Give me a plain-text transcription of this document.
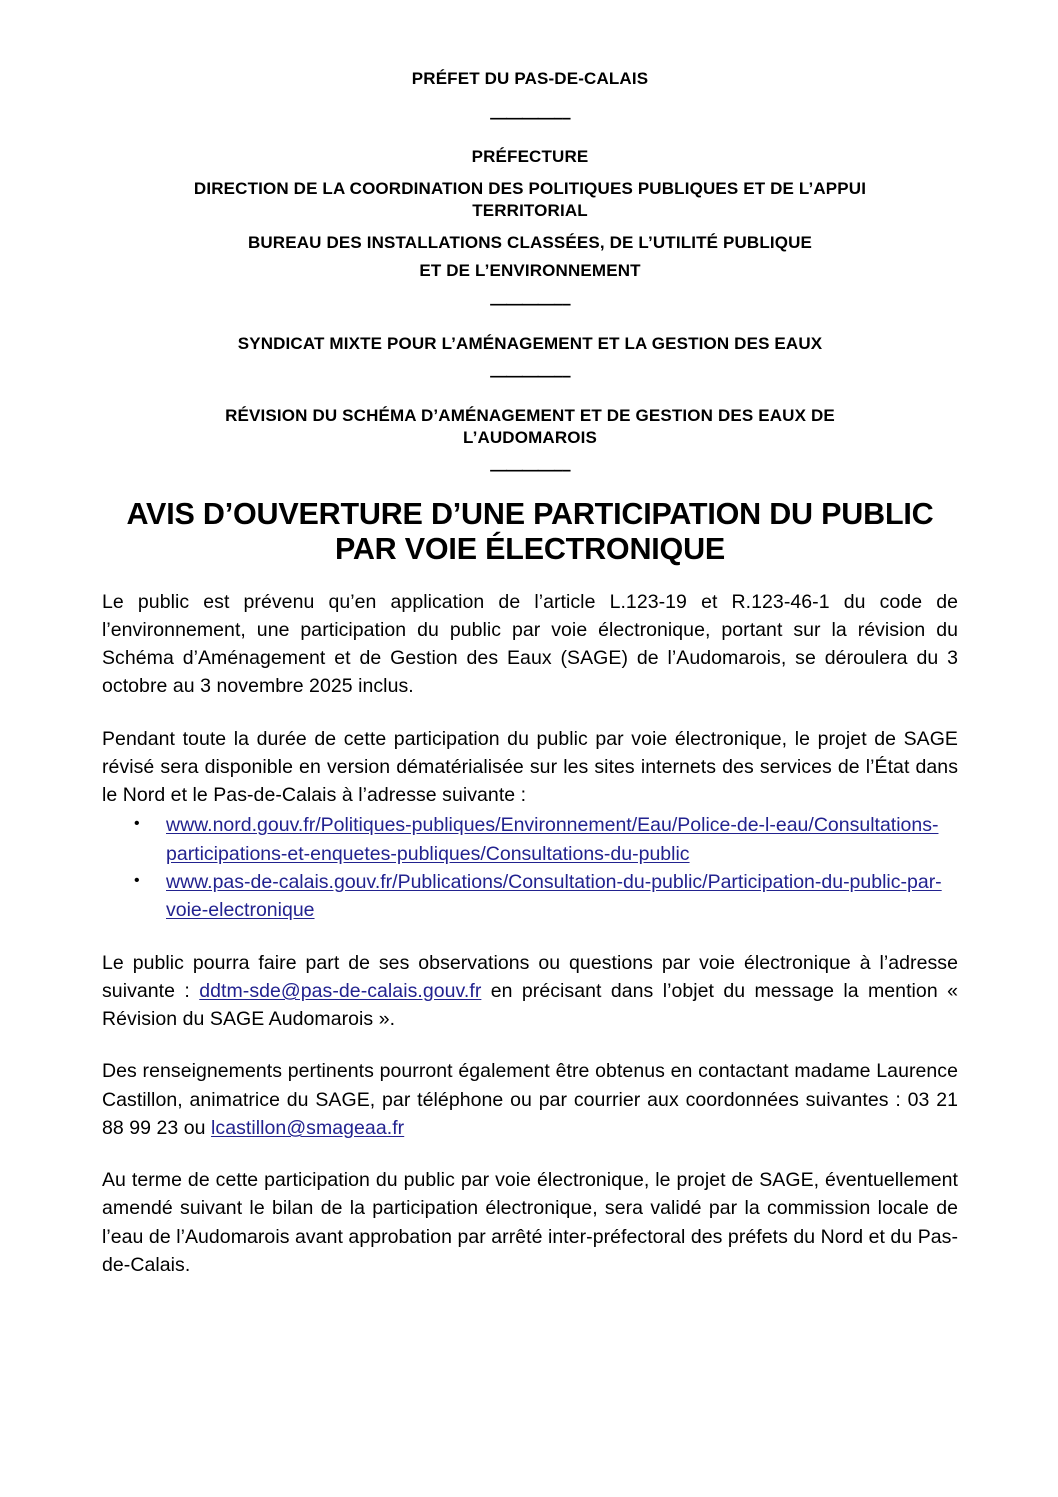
PRÉFET DU PAS-DE-CALAIS
————––
PRÉFECTURE
DIRECTION DE LA COORDINATION DES POLITIQUES PUBLIQUES ET DE L’APPUI
TERRITORIAL
BUREAU DES INSTALLATIONS CLASSÉES, DE L’UTILITÉ PUBLIQUE
ET DE L’ENVIRONNEMENT
————––
SYNDICAT MIXTE POUR L’AMÉNAGEMENT ET LA GESTION DES EAUX
————––
RÉVISION DU SCHÉMA D’AMÉNAGEMENT ET DE GESTION DES EAUX DE
L’AUDOMAROIS
————––
AVIS D’OUVERTURE D’UNE PARTICIPATION DU PUBLIC
PAR VOIE ÉLECTRONIQUE

Le public est prévenu qu’en application de l’article L.123-19 et R.123-46-1 du code de l’environnement, une participation du public par voie électronique, portant sur la révision du Schéma d’Aménagement et de Gestion des Eaux (SAGE) de l’Audomarois, se déroulera du 3 octobre au 3 novembre 2025 inclus.

Pendant toute la durée de cette participation du public par voie électronique, le projet de SAGE révisé sera disponible en version dématérialisée sur les sites internets des services de l’État dans le Nord et le Pas-de-Calais à l’adresse suivante :

• www.nord.gouv.fr/Politiques-publiques/Environnement/Eau/Police-de-l-eau/Consultations-participations-et-enquetes-publiques/Consultations-du-public
• www.pas-de-calais.gouv.fr/Publications/Consultation-du-public/Participation-du-public-par-voie-electronique

Le public pourra faire part de ses observations ou questions par voie électronique à l’adresse suivante : ddtm-sde@pas-de-calais.gouv.fr en précisant dans l’objet du message la mention « Révision du SAGE Audomarois ».

Des renseignements pertinents pourront également être obtenus en contactant madame Laurence Castillon, animatrice du SAGE, par téléphone ou par courrier aux coordonnées suivantes : 03 21 88 99 23 ou lcastillon@smageaa.fr

Au terme de cette participation du public par voie électronique, le projet de SAGE, éventuellement amendé suivant le bilan de la participation électronique, sera validé par la commission locale de l’eau de l’Audomarois avant approbation par arrêté inter-préfectoral des préfets du Nord et du Pas-de-Calais.
